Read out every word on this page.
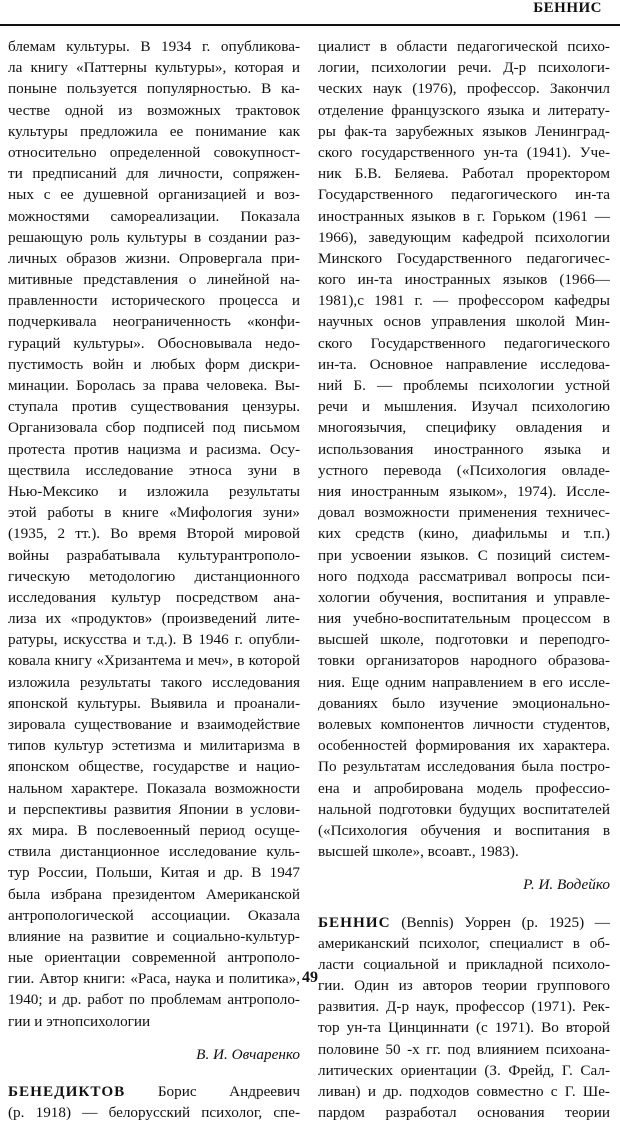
БЕННИС
блемам культуры. В 1934 г. опубликова-
ла книгу «Паттерны культуры», которая и
поныне пользуется популярностью. В ка-
честве одной из возможных трактовок
культуры предложила ее понимание как
относительно определенной совокупност-
ти предписаний для личности, сопряжен-
ных с ее душевной организацией и воз-
можностями самореализации. Показала
решающую роль культуры в создании раз-
личных образов жизни. Опровергала при-
митивные представления о линейной на-
правленности исторического процесса и
подчеркивала неограниченность «конфи-
гураций культуры». Обосновывала недо-
пустимость войн и любых форм дискри-
минации. Боролась за права человека. Вы-
ступала против существования цензуры.
Организовала сбор подписей под письмом
протеста против нацизма и расизма. Осу-
ществила исследование этноса зуни в
Нью-Мексико и изложила результаты
этой работы в книге «Мифология зуни»
(1935, 2 тт.). Во время Второй мировой
войны разрабатывала культурантрополо-
гическую методологию дистанционного
исследования культур посредством ана-
лиза их «продуктов» (произведений литe-
ратуры, искусства и т.д.). В 1946 г. опубли-
ковала книгу «Хризантема и меч», в которой
изложила результаты такого исследования
японской культуры. Выявила и проанали-
зировала существование и взаимодействие
типов культур эстетизма и милитаризма в
японском обществе, государстве и нацио-
нальном характере. Показала возможности
и перспективы развития Японии в услови-
ях мира. В послевоенный период осуще-
ствила дистанционное исследование куль-
тур России, Польши, Китая и др. В 1947
была избрана президентом Американской
антропологической ассоциации. Оказала
влияние на развитие и социально-культур-
ные ориентации современной антрополо-
гии. Автор книги: «Раса, наука и политика»,
1940; и др. работ по проблемам антрополо-
гии и этнопсихологии
В. И. Овчаренко
БЕНЕДИКТОВ Борис Андреевич
(р. 1918) — белорусский психолог, спе-
циалист в области педагогической психо-
логии, психологии речи. Д-р психологи-
ческих наук (1976), профессор. Закончил
отделение французского языка и литерату-
ры фак-та зарубежных языков Ленинград-
ского государственного ун-та (1941). Уче-
ник Б.В. Беляева. Работал проректором
Государственного педагогического ин-та
иностранных языков в г. Горьком (1961 —
1966), заведующим кафедрой психологии
Минского Государственного педагогичес-
кого ин-та иностранных языков (1966—
1981),с 1981 г. — профессором кафедры
научных основ управления школой Мин-
ского Государственного педагогического
ин-та. Основное направление исследова-
ний Б. — проблемы психологии устной
речи и мышления. Изучал психологию
многоязычия, специфику овладения и
использования иностранного языка и
устного перевода («Психология овладе-
ния иностранным языком», 1974). Иссле-
довал возможности применения техничес-
ких средств (кино, диафильмы и т.п.)
при усвоении языков. С позиций систем-
ного подхода рассматривал вопросы пси-
хологии обучения, воспитания и управле-
ния учебно-воспитательным процессом в
высшей школе, подготовки и переподго-
товки организаторов народного образова-
ния. Еще одним направлением в его иссле-
дованиях было изучение эмоционально-
волевых компонентов личности студентов,
особенностей формирования их характера.
По результатам исследования была постро-
ена и апробирована модель профессио-
нальной подготовки будущих воспитателей
(«Психология обучения и воспитания в
высшей школе», всоавт., 1983).
Р. И. Водейко
БЕННИС (Bennis) Уоррен (р. 1925) —
американский психолог, специалист в об-
ласти социальной и прикладной психоло-
гии. Один из авторов теории группового
развития. Д-р наук, профессор (1971). Рек-
тор ун-та Цинциннати (с 1971). Во второй
половине 50 -х гг. под влиянием психоана-
литических ориентации (З. Фрейд, Г. Сал-
ливан) и др. подходов совместно с Г. Ше-
пардом разработал основания теории
49
